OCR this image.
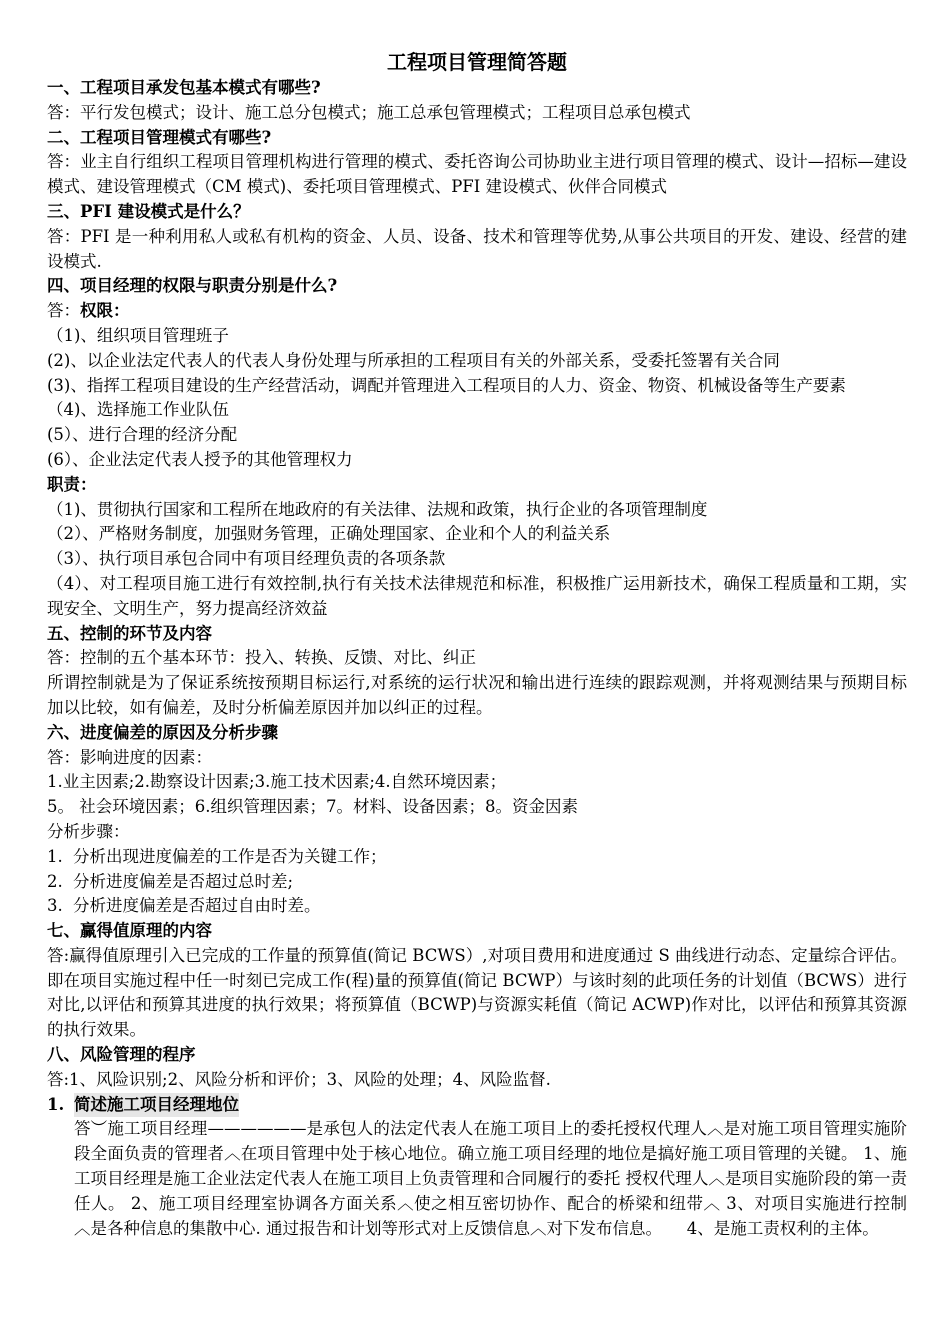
工程项目管理简答题
一、工程项目承发包基本模式有哪些?
答：平行发包模式；设计、施工总分包模式；施工总承包管理模式；工程项目总承包模式
二、工程项目管理模式有哪些?
答：业主自行组织工程项目管理机构进行管理的模式、委托咨询公司协助业主进行项目管理的模式、设计—招标—建设模式、建设管理模式（CM 模式)、委托项目管理模式、PFI 建设模式、伙伴合同模式
三、PFI 建设模式是什么？
答：PFI 是一种利用私人或私有机构的资金、人员、设备、技术和管理等优势,从事公共项目的开发、建设、经营的建设模式.
四、项目经理的权限与职责分别是什么?
答：权限：
（1)、组织项目管理班子
(2)、以企业法定代表人的代表人身份处理与所承担的工程项目有关的外部关系，受委托签署有关合同
(3)、指挥工程项目建设的生产经营活动，调配并管理进入工程项目的人力、资金、物资、机械设备等生产要素
（4)、选择施工作业队伍
(5）、进行合理的经济分配
(6）、企业法定代表人授予的其他管理权力
职责：
（1)、贯彻执行国家和工程所在地政府的有关法律、法规和政策，执行企业的各项管理制度
（2）、严格财务制度，加强财务管理，正确处理国家、企业和个人的利益关系
（3）、执行项目承包合同中有项目经理负责的各项条款
（4）、对工程项目施工进行有效控制,执行有关技术法律规范和标准，积极推广运用新技术，确保工程质量和工期，实现安全、文明生产，努力提高经济效益
五、控制的环节及内容
答：控制的五个基本环节：投入、转换、反馈、对比、纠正
所谓控制就是为了保证系统按预期目标运行,对系统的运行状况和输出进行连续的跟踪观测，并将观测结果与预期目标加以比较，如有偏差，及时分析偏差原因并加以纠正的过程。
六、进度偏差的原因及分析步骤
答：影响进度的因素：
1.业主因素;2.勘察设计因素;3.施工技术因素;4.自然环境因素；
5。 社会环境因素；6.组织管理因素；7。材料、设备因素；8。资金因素
分析步骤：
1. 分析出现进度偏差的工作是否为关键工作；
2. 分析进度偏差是否超过总时差;
3. 分析进度偏差是否超过自由时差。
七、赢得值原理的内容
答:赢得值原理引入已完成的工作量的预算值(简记 BCWS）,对项目费用和进度通过 S 曲线进行动态、定量综合评估。即在项目实施过程中任一时刻已完成工作(程)量的预算值(简记 BCWP）与该时刻的此项任务的计划值（BCWS）进行对比,以评估和预算其进度的执行效果；将预算值（BCWP)与资源实耗值（简记 ACWP)作对比，以评估和预算其资源的执行效果。
八、风险管理的程序
答:1、风险识别;2、风险分析和评价；3、风险的处理；4、风险监督.
1. 简述施工项目经理地位
答︶施工项目经理——————是承包人的法定代表人在施工项目上的委托授权代理人︿是对施工项目管理实施阶段全面负责的管理者︿在项目管理中处于核心地位。确立施工项目经理的地位是搞好施工项目管理的关键。 1、施工项目经理是施工企业法定代表人在施工项目上负责管理和合同履行的委托 授权代理人︿是项目实施阶段的第一责任人。 2、施工项目经理室协调各方面关系︿使之相互密切协作、配合的桥梁和纽带︿ 3、对项目实施进行控制︿是各种信息的集散中心. 通过报告和计划等形式对上反馈信息︿对下发布信息。　　4、是施工责权利的主体。
